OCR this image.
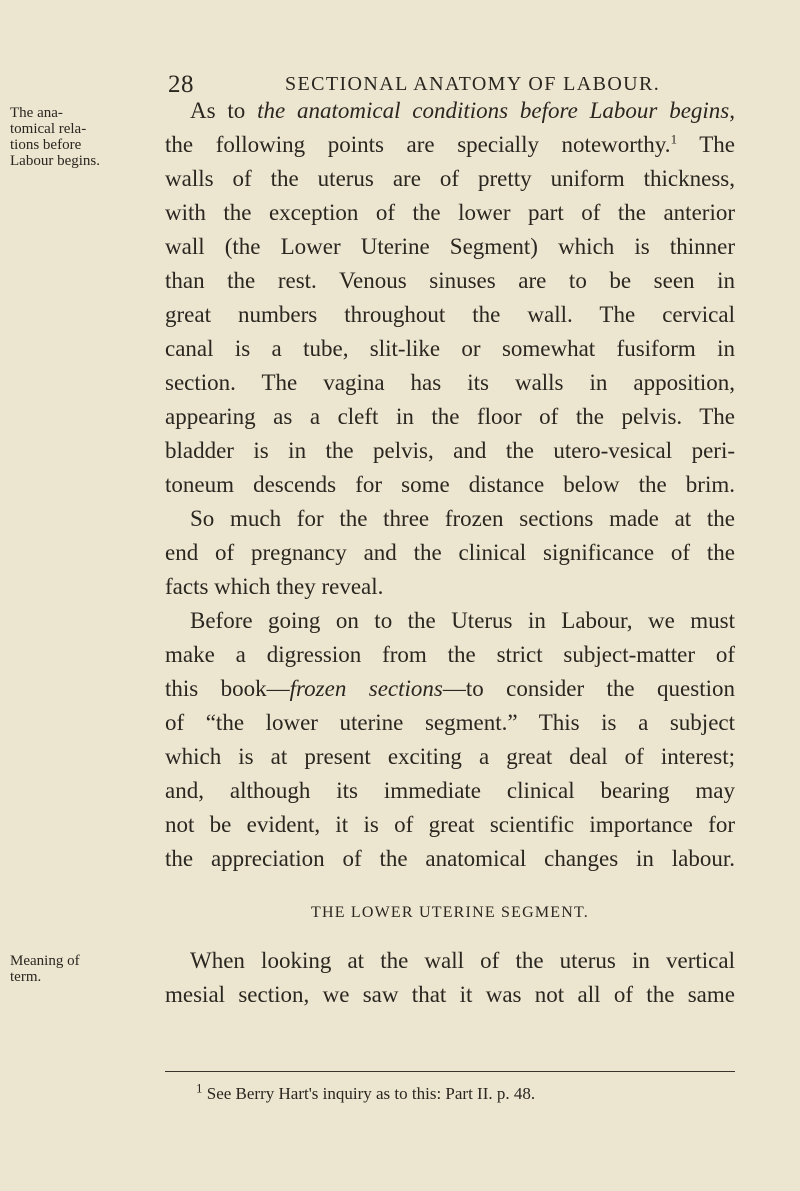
28	SECTIONAL ANATOMY OF LABOUR.
The ana-
tomical rela-
tions before
Labour begins.
Meaning of
term.
As to the anatomical conditions before Labour begins,
the following points are specially noteworthy.$^1$ The
walls of the uterus are of pretty uniform thickness,
with the exception of the lower part of the anterior
wall (the Lower Uterine Segment) which is thinner
than the rest. Venous sinuses are to be seen in
great numbers throughout the wall. The cervical
canal is a tube, slit-like or somewhat fusiform in
section. The vagina has its walls in apposition,
appearing as a cleft in the floor of the pelvis. The
bladder is in the pelvis, and the utero-vesical peri-
toneum descends for some distance below the brim.
So much for the three frozen sections made at the
end of pregnancy and the clinical significance of the
facts which they reveal.
Before going on to the Uterus in Labour, we must
make a digression from the strict subject-matter of
this book—frozen sections—to consider the question
of “the lower uterine segment.” This is a subject
which is at present exciting a great deal of interest;
and, although its immediate clinical bearing may
not be evident, it is of great scientific importance for
the appreciation of the anatomical changes in labour.
THE LOWER UTERINE SEGMENT.
When looking at the wall of the uterus in vertical
mesial section, we saw that it was not all of the same
$^1$ See Berry Hart's inquiry as to this: Part II. p. 48.
